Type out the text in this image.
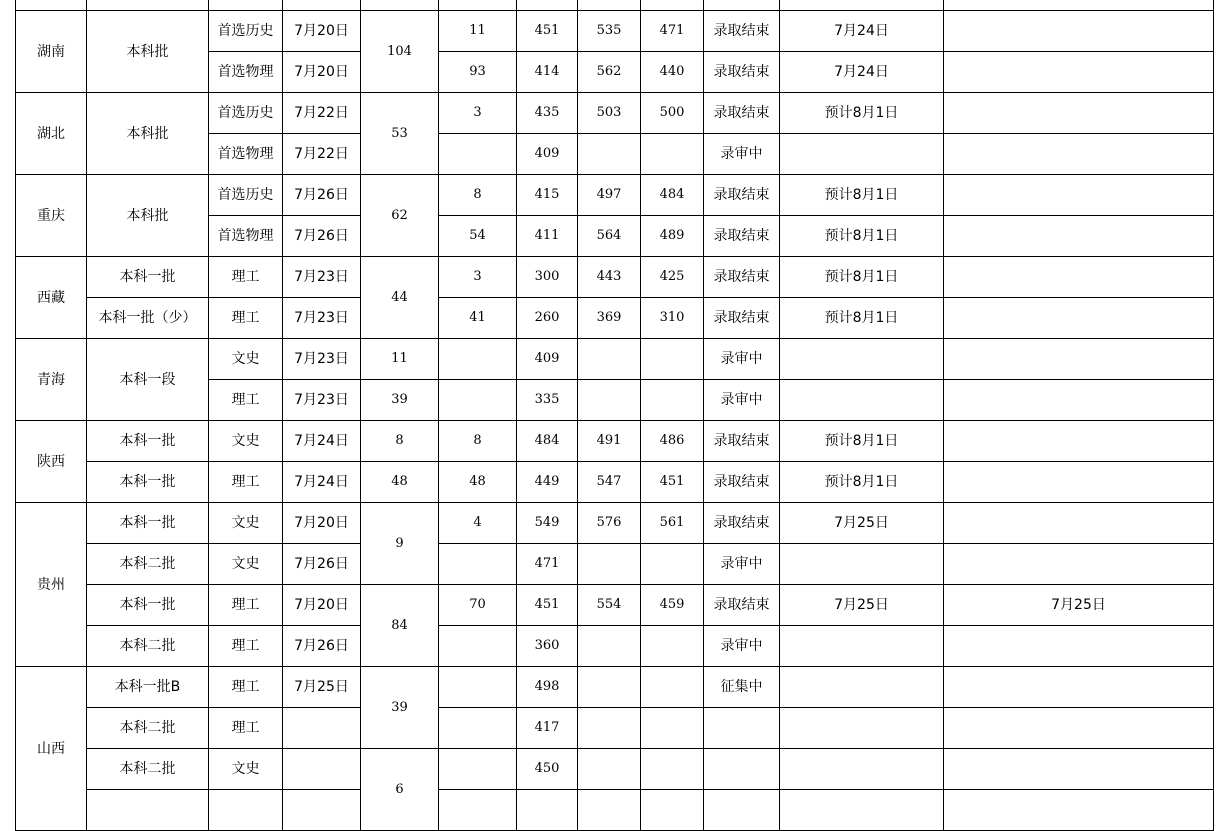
湖南	本科批	首选历史	7月20日	104	11	451	535	471	录取结束	7月24日	
		首选物理	7月20日		93	414	562	440	录取结束	7月24日	
湖北	本科批	首选历史	7月22日	53	3	435	503	500	录取结束	预计8月1日	
		首选物理	7月22日			409			录审中		
重庆	本科批	首选历史	7月26日	62	8	415	497	484	录取结束	预计8月1日	
		首选物理	7月26日		54	411	564	489	录取结束	预计8月1日	
西藏	本科一批	理工	7月23日	44	3	300	443	425	录取结束	预计8月1日	
	本科一批（少）	理工	7月23日		41	260	369	310	录取结束	预计8月1日	
青海	本科一段	文史	7月23日	11		409			录审中		
		理工	7月23日	39		335			录审中		
陕西	本科一批	文史	7月24日	8	8	484	491	486	录取结束	预计8月1日	
	本科一批	理工	7月24日	48	48	449	547	451	录取结束	预计8月1日	
贵州	本科一批	文史	7月20日	9	4	549	576	561	录取结束	7月25日	
	本科二批	文史	7月26日			471			录审中		
	本科一批	理工	7月20日	84	70	451	554	459	录取结束	7月25日	7月25日
	本科二批	理工	7月26日			360			录审中		
山西	本科一批B	理工	7月25日	39		498			征集中		
	本科二批	理工				417					
	本科二批	文史		6		450					
